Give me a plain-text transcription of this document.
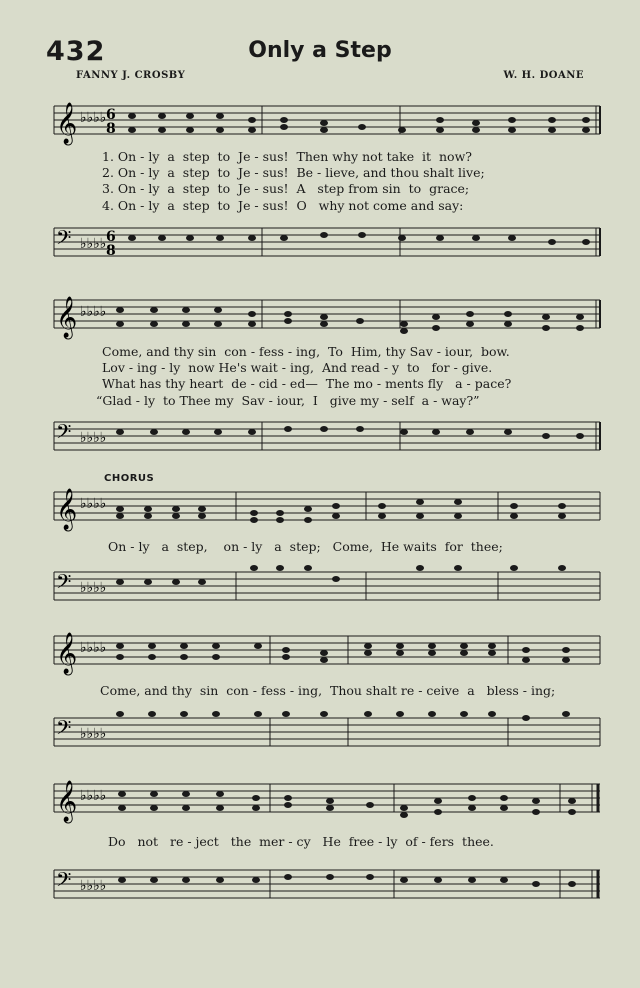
432	Only a Step
FANNY J. CROSBY	W. H. DOANE
𝄞 ♭♭♭♭ 6
8
1. On - ly  a  step  to  Je - sus!  Then why not take  it  now?
2. On - ly  a  step  to  Je - sus!  Be - lieve, and thou shalt live;
3. On - ly  a  step  to  Je - sus!  A   step from sin  to  grace;
4. On - ly  a  step  to  Je - sus!  O   why not come and say:
𝄢 ♭♭♭♭ 6
8
𝄞 ♭♭♭♭
Come, and thy sin  con - fess - ing,  To  Him, thy Sav - iour,  bow.
Lov - ing - ly  now He's wait - ing,  And read - y  to   for - give.
What has thy heart  de - cid - ed—  The mo - ments fly   a - pace?
“Glad - ly  to Thee my  Sav - iour,  I   give my - self  a - way?”
𝄢 ♭♭♭♭
CHORUS
𝄞 ♭♭♭♭
On - ly   a  step,    on - ly   a  step;   Come,  He waits  for  thee;
𝄢 ♭♭♭♭
𝄞 ♭♭♭♭
Come, and thy  sin  con - fess - ing,  Thou shalt re - ceive  a   bless - ing;
𝄢 ♭♭♭♭
𝄞 ♭♭♭♭
Do   not   re - ject   the  mer - cy   He  free - ly  of - fers  thee.
𝄢 ♭♭♭♭
